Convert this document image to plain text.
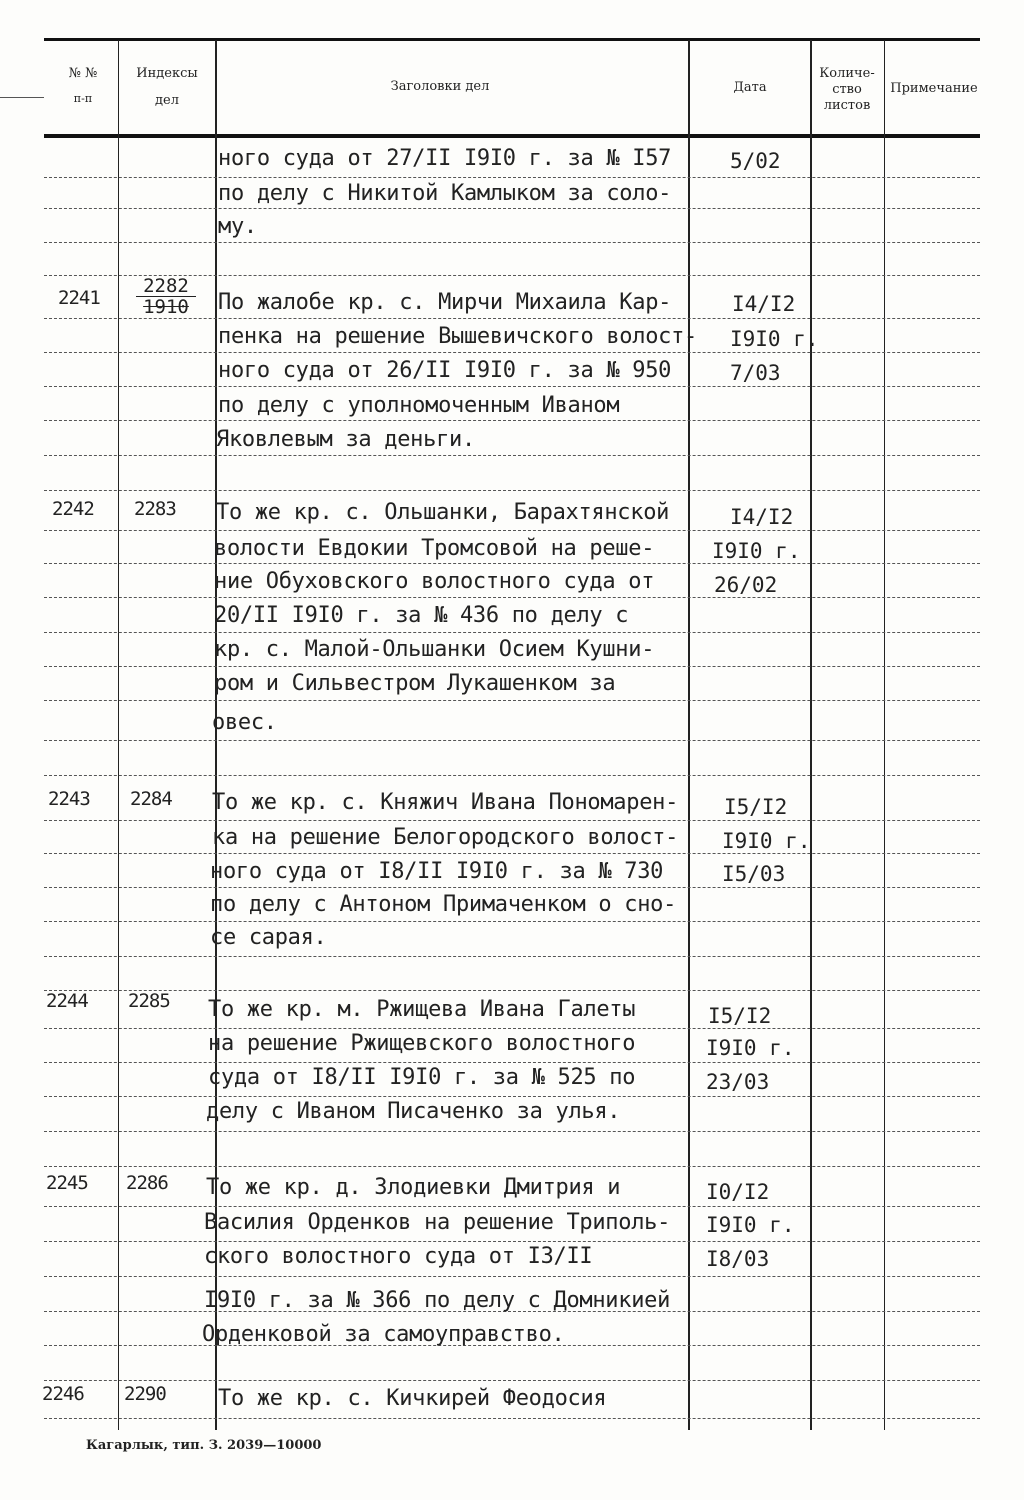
№ №
п-п
Индексы
дел
Заголовки дел	Дата
Количе-
ство
листов
Примечание
ного суда от 27/II I9I0 г. за № I57
по делу с Никитой Камлыком за соло-
му.
5/02
$2241 \frac{2282}{1910}$ По жалобе кр. с. Мирчи Михаила Кар-
пенка на решение Вышевичского волост-
ного суда от 26/II I9I0 г. за № 950
по делу с уполномоченным Иваном
Яковлевым за деньги.
I4/I2
I9I0 г.
7/03
2242 2283 То же кр. с. Ольшанки, Барахтянской
волости Евдокии Тромсовой на реше-
ние Обуховского волостного суда от
20/II I9I0 г. за № 436 по делу с
кр. с. Малой-Ольшанки Осием Кушни-
ром и Сильвестром Лукашенком за
овес.
I4/I2
I9I0 г.
26/02
2243 2284 То же кр. с. Княжич Ивана Пономарен-
ка на решение Белогородского волост-
ного суда от I8/II I9I0 г. за № 730
по делу с Антоном Примаченком о сно-
се сарая.
I5/I2
I9I0 г.
I5/03
2244 2285 То же кр. м. Ржищева Ивана Галеты
на решение Ржищевского волостного
суда от I8/II I9I0 г. за № 525 по
делу с Иваном Писаченко за улья.
I5/I2
I9I0 г.
23/03
2245 2286 То же кр. д. Злодиевки Дмитрия и
Василия Орденков на решение Триполь-
ского волостного суда от I3/II
I9I0 г. за № 366 по делу с Домникией
Орденковой за самоуправство.
I0/I2
I9I0 г.
I8/03
2246 2290 То же кр. с. Кичкирей Феодосия
Кагарлык, тип. З. 2039—10000
